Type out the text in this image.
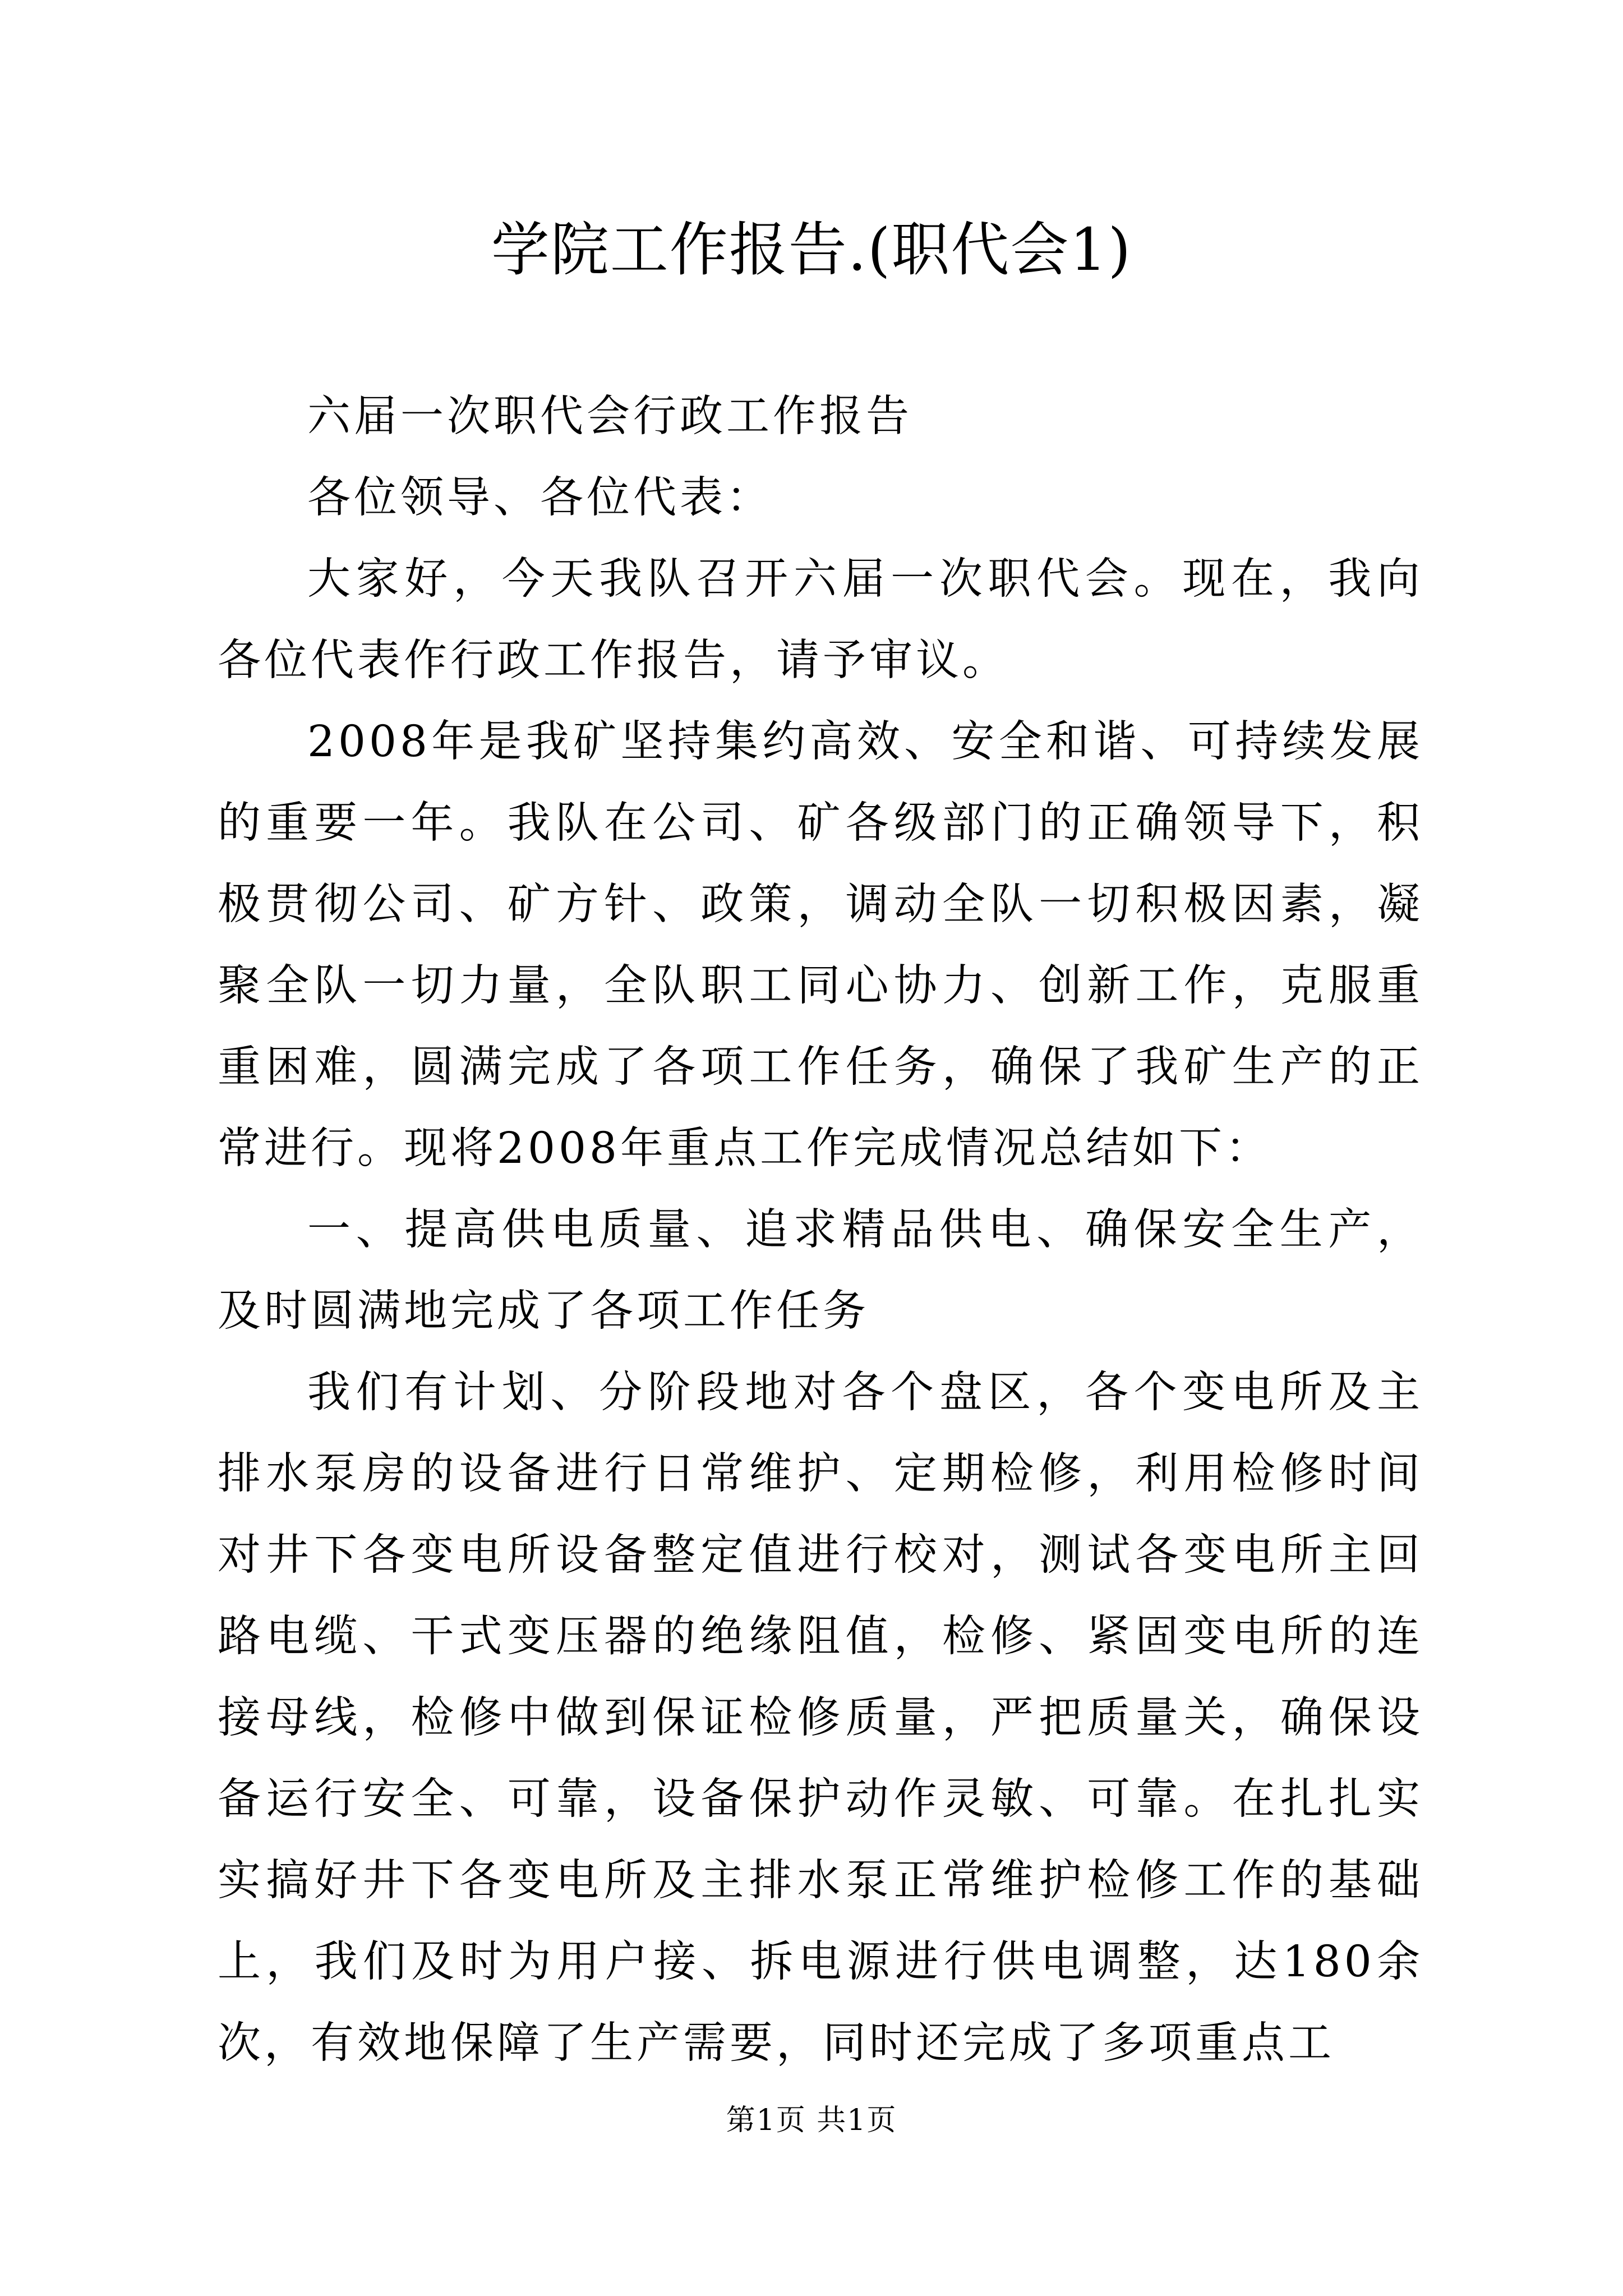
学院工作报告.(职代会1)

六届一次职代会行政工作报告

各位领导、各位代表：

大家好，今天我队召开六届一次职代会。现在，我向各位代表作行政工作报告，请予审议。

2008年是我矿坚持集约高效、安全和谐、可持续发展的重要一年。我队在公司、矿各级部门的正确领导下，积极贯彻公司、矿方针、政策，调动全队一切积极因素，凝聚全队一切力量，全队职工同心协力、创新工作，克服重重困难，圆满完成了各项工作任务，确保了我矿生产的正常进行。现将2008年重点工作完成情况总结如下：

一、提高供电质量、追求精品供电、确保安全生产，及时圆满地完成了各项工作任务

我们有计划、分阶段地对各个盘区，各个变电所及主排水泵房的设备进行日常维护、定期检修，利用检修时间对井下各变电所设备整定值进行校对，测试各变电所主回路电缆、干式变压器的绝缘阻值，检修、紧固变电所的连接母线，检修中做到保证检修质量，严把质量关，确保设备运行安全、可靠，设备保护动作灵敏、可靠。在扎扎实实搞好井下各变电所及主排水泵正常维护检修工作的基础上，我们及时为用户接、拆电源进行供电调整，达180余次，有效地保障了生产需要，同时还完成了多项重点工

第1页 共1页
